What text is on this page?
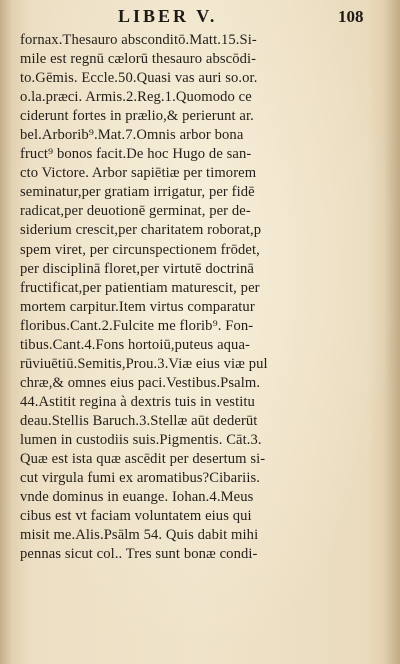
LIBER V.	108
fornax.Thesauro absconditō.Matt.15.Si-
mile est regnū cælorū thesauro abscōdi-
to.Gēmis. Eccle.50.Quasi vas auri so.or.
o.la.præci. Armis.2.Reg.1.Quomodo ce
ciderunt fortes in prælio,& perierunt ar.
bel.Arborib⁹.Mat.7.Omnis arbor bona
fruct⁹ bonos facit.De hoc Hugo de san-
cto Victore. Arbor sapiētiæ per timorem
seminatur,per gratiam irrigatur, per fidē
radicat,per deuotionē germinat, per de-
siderium crescit,per charitatem roborat,p
spem viret, per circunspectionem frōdet,
per disciplinā floret,per virtutē doctrinā
fructificat,per patientiam maturescit, per
mortem carpitur.Item virtus comparatur
floribus.Cant.2.Fulcite me florib⁹. Fon-
tibus.Cant.4.Fons hortoiū,puteus aqua-
rūviuētiū.Semitis,Prou.3.Viæ eius viæ pul
chræ,& omnes eius paci.Vestibus.Psalm.
44.Astitit regina à dextris tuis in vestitu
deau.Stellis Baruch.3.Stellæ aūt dederūt
lumen in custodiis suis.Pigmentis. Cāt.3.
Quæ est ista quæ ascēdit per desertum si-
cut virgula fumi ex aromatibus?Cibariis.
vnde dominus in euange. Iohan.4.Meus
cibus est vt faciam voluntatem eius qui
misit me.Alis.Psālm 54. Quis dabit mihi
pennas sicut col.. Tres sunt bonæ condi-
